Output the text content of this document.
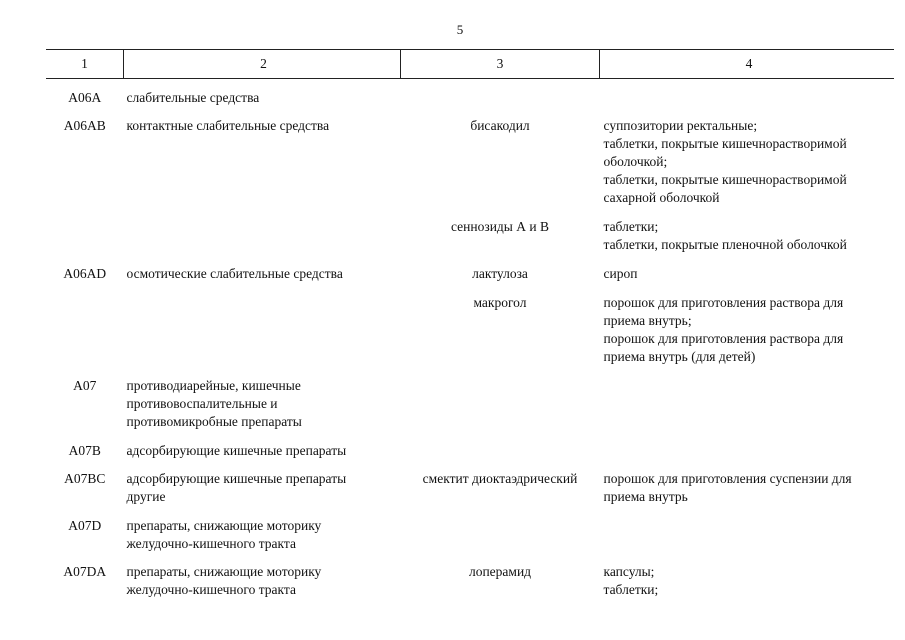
5
1	2	3	4
A06A	слабительные средства		

A06AB	контактные слабительные средства	бисакодил	суппозитории ректальные;
таблетки, покрытые кишечнорастворимой
оболочкой;
таблетки, покрытые кишечнорастворимой
сахарной оболочкой

		сеннозиды А и В	таблетки;
таблетки, покрытые пленочной оболочкой

A06AD	осмотические слабительные средства	лактулоза	сироп

		макрогол	порошок для приготовления раствора для
приема внутрь;
порошок для приготовления раствора для
приема внутрь (для детей)

A07	противодиарейные, кишечные
противовоспалительные и
противомикробные препараты		

A07B	адсорбирующие кишечные препараты		

A07BC	адсорбирующие кишечные препараты
другие	смектит диоктаэдрический	порошок для приготовления суспензии для
приема внутрь

A07D	препараты, снижающие моторику
желудочно-кишечного тракта		

A07DA	препараты, снижающие моторику
желудочно-кишечного тракта	лоперамид	капсулы;
таблетки;
